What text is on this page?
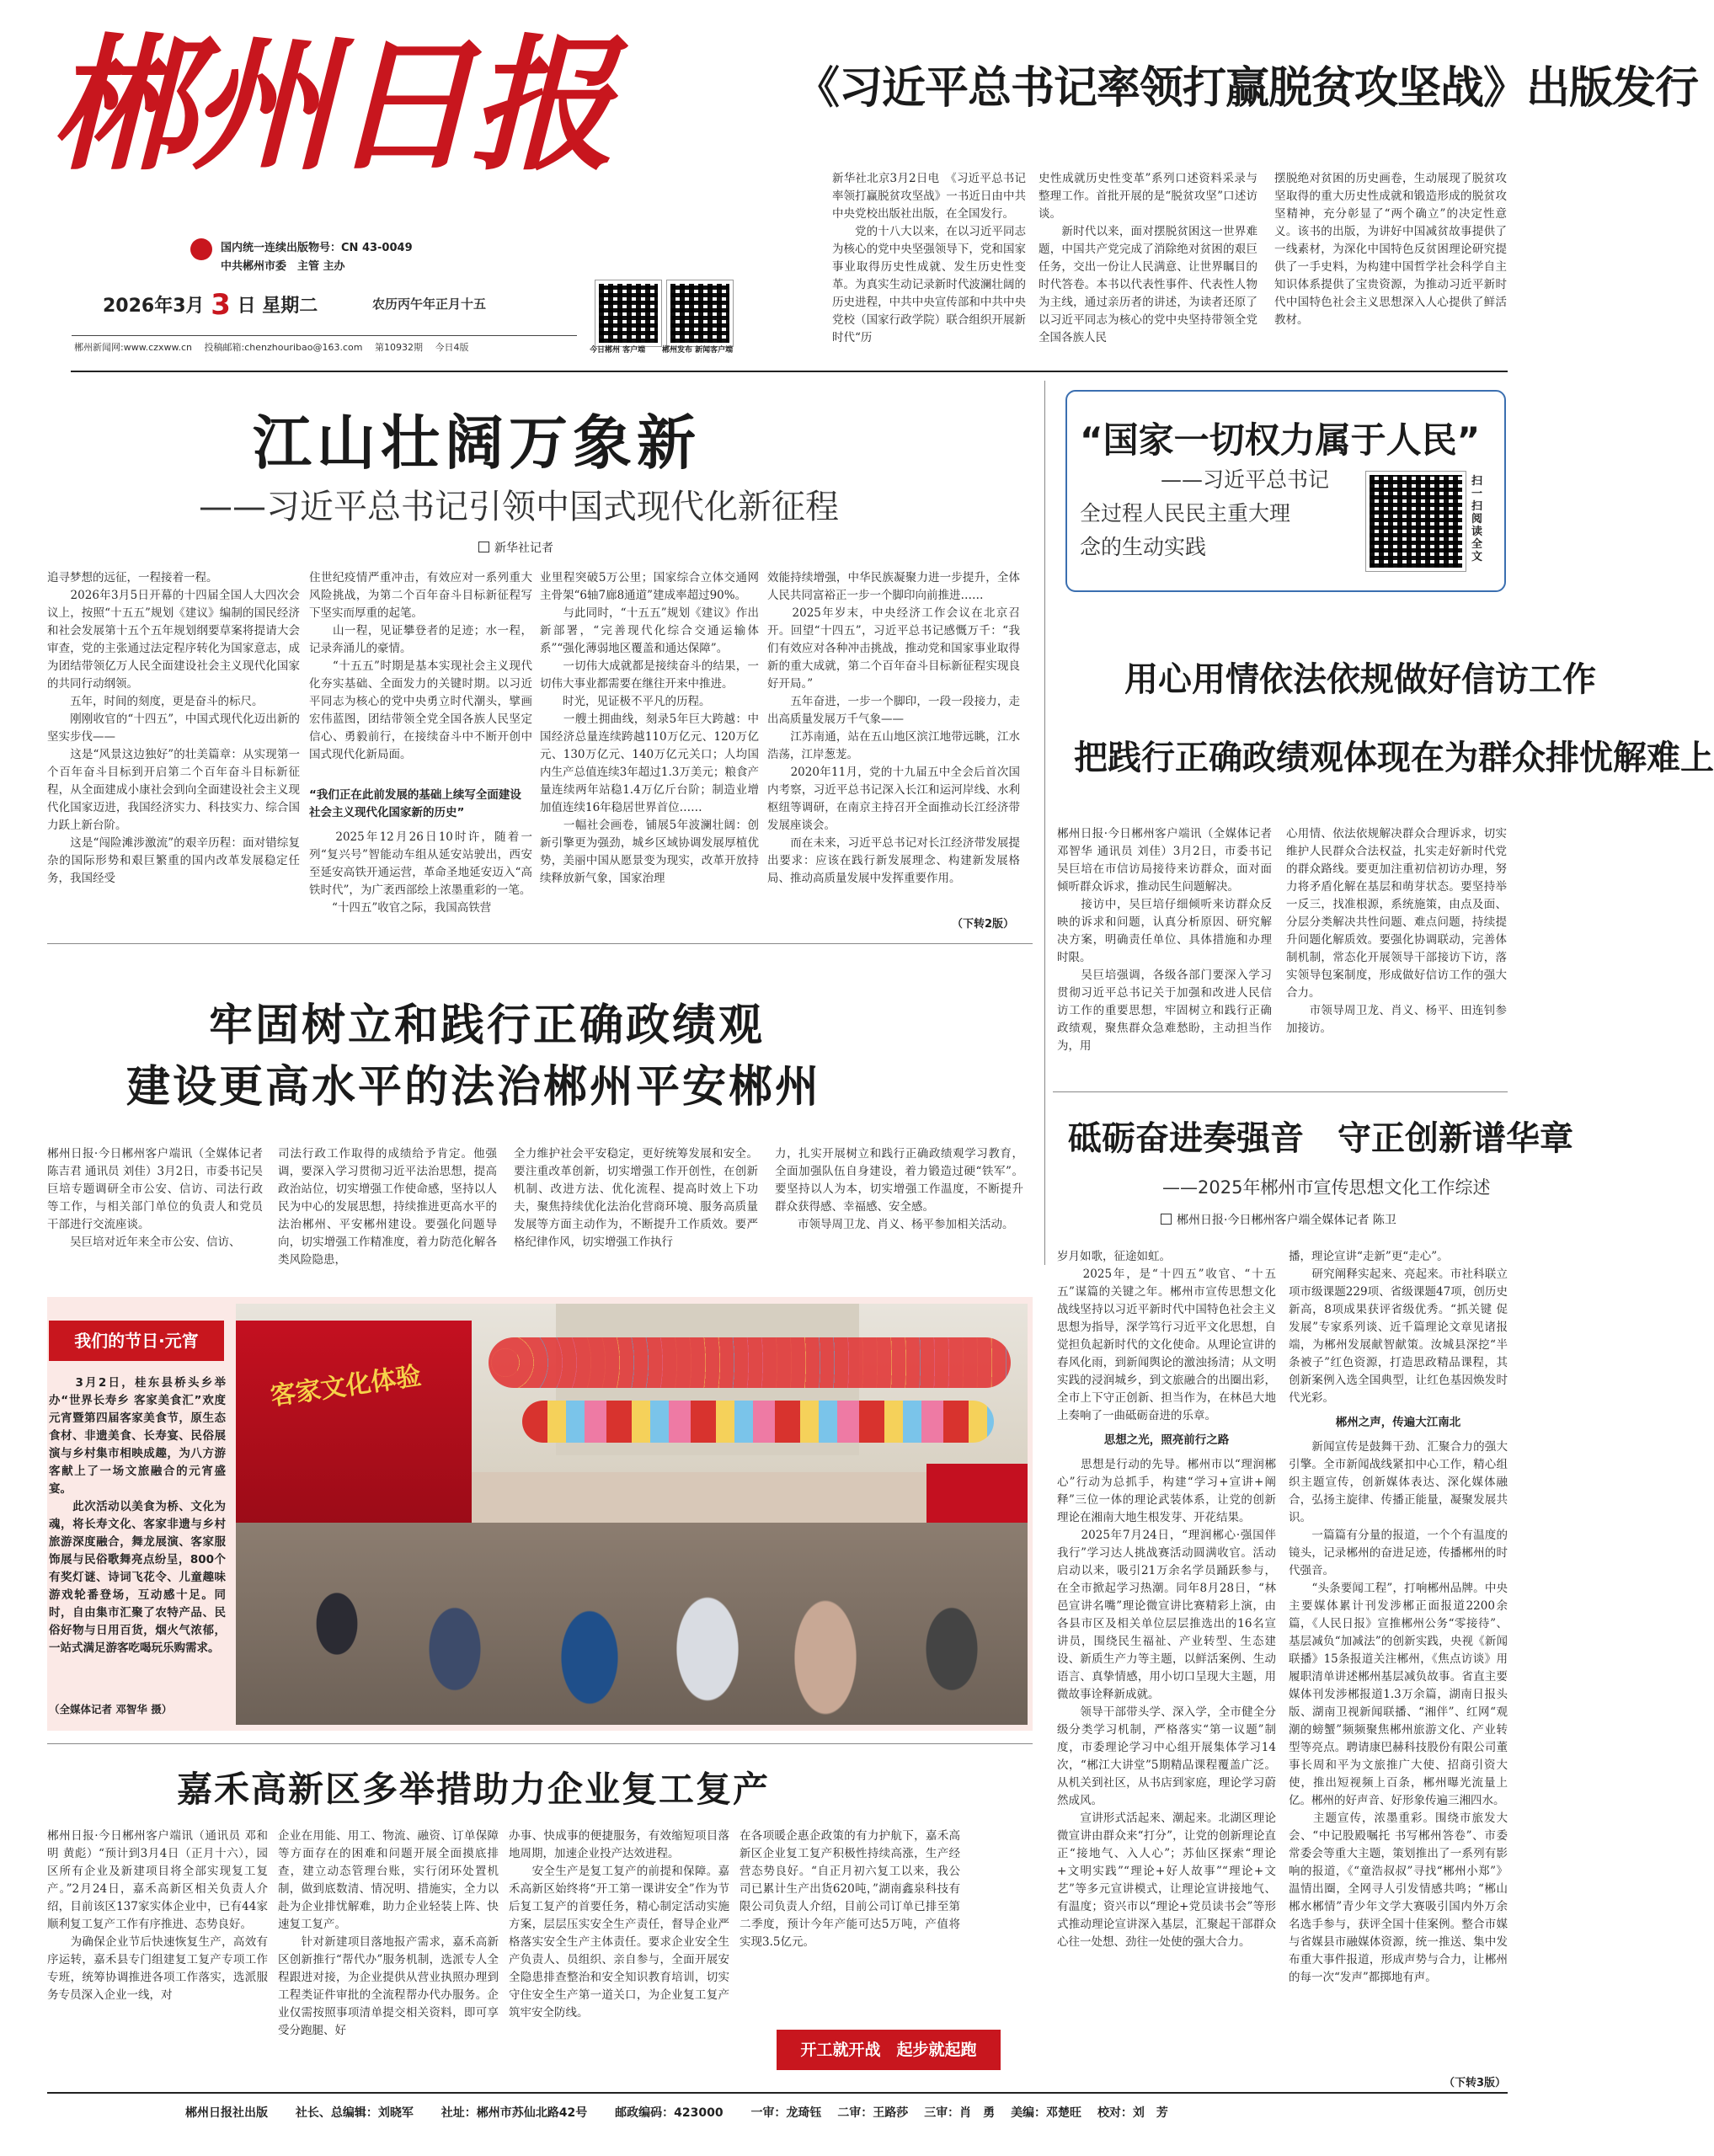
郴州日报
国内统一连续出版物号：CN 43-0049
中共郴州市委　主管 主办
2026年3月 3 日 星期二	农历丙午年正月十五
今日郴州 客户端 郴州发布 新闻客户端
郴州新闻网:www.czxww.cn　 投稿邮箱:chenzhouribao@163.com　 第10932期　 今日4版
《习近平总书记率领打赢脱贫攻坚战》出版发行
新华社北京3月2日电　《习近平总书记率领打赢脱贫攻坚战》一书近日由中共中央党校出版社出版，在全国发行。
　　党的十八大以来，在以习近平同志为核心的党中央坚强领导下，党和国家事业取得历史性成就、发生历史性变革。为真实生动记录新时代波澜壮阔的历史进程，中共中央宣传部和中共中央党校（国家行政学院）联合组织开展新时代“历
史性成就历史性变革”系列口述资料采录与整理工作。首批开展的是“脱贫攻坚”口述访谈。
　　新时代以来，面对摆脱贫困这一世界难题，中国共产党完成了消除绝对贫困的艰巨任务，交出一份让人民满意、让世界瞩目的时代答卷。本书以代表性事件、代表性人物为主线，通过亲历者的讲述，为读者还原了以习近平同志为核心的党中央坚持带领全党全国各族人民
摆脱绝对贫困的历史画卷，生动展现了脱贫攻坚取得的重大历史性成就和锻造形成的脱贫攻坚精神，充分彰显了“两个确立”的决定性意义。该书的出版，为讲好中国减贫故事提供了一线素材，为深化中国特色反贫困理论研究提供了一手史料，为构建中国哲学社会科学自主知识体系提供了宝贵资源，为推动习近平新时代中国特色社会主义思想深入人心提供了鲜活教材。
江山壮阔万象新
——习近平总书记引领中国式现代化新征程
新华社记者
追寻梦想的远征，一程接着一程。
　　2026年3月5日开幕的十四届全国人大四次会议上，按照“十五五”规划《建议》编制的国民经济和社会发展第十五个五年规划纲要草案将提请大会审查，党的主张通过法定程序转化为国家意志，成为团结带领亿万人民全面建设社会主义现代化国家的共同行动纲领。
　　五年，时间的刻度，更是奋斗的标尺。
　　刚刚收官的“十四五”，中国式现代化迈出新的坚实步伐——
　　这是“风景这边独好”的壮美篇章：从实现第一个百年奋斗目标到开启第二个百年奋斗目标新征程，从全面建成小康社会到向全面建设社会主义现代化国家迈进，我国经济实力、科技实力、综合国力跃上新台阶。
　　这是“闯险滩涉激流”的艰辛历程：面对错综复杂的国际形势和艰巨繁重的国内改革发展稳定任务，我国经受
住世纪疫情严重冲击，有效应对一系列重大风险挑战，为第二个百年奋斗目标新征程写下坚实而厚重的起笔。
　　山一程，见证攀登者的足迹；水一程，记录奔涌儿的豪情。
　　“十五五”时期是基本实现社会主义现代化夯实基础、全面发力的关键时期。以习近平同志为核心的党中央勇立时代潮头，擘画宏伟蓝图，团结带领全党全国各族人民坚定信心、勇毅前行，在接续奋斗中不断开创中国式现代化新局面。
“我们正在此前发展的基础上续写全面建设社会主义现代化国家新的历史”
　　2025年12月26日10时许，随着一列“复兴号”智能动车组从延安站驶出，西安至延安高铁开通运营，革命圣地延安迈入“高铁时代”，为广袤西部绘上浓墨重彩的一笔。
　　“十四五”收官之际，我国高铁营
业里程突破5万公里；国家综合立体交通网主骨架“6轴7廊8通道”建成率超过90%。
　　与此同时，“十五五”规划《建议》作出新部署，“完善现代化综合交通运输体系”“强化薄弱地区覆盖和通达保障”。
　　一切伟大成就都是接续奋斗的结果，一切伟大事业都需要在继往开来中推进。
　　时光，见证极不平凡的历程。
　　一艘土拥曲线，刻录5年巨大跨越：中国经济总量连续跨越110万亿元、120万亿元、130万亿元、140万亿元关口；人均国内生产总值连续3年超过1.3万美元；粮食产量连续两年站稳1.4万亿斤台阶；制造业增加值连续16年稳居世界首位……
　　一幅社会画卷，铺展5年波澜壮阔：创新引擎更为强劲，城乡区域协调发展厚植优势，美丽中国从愿景变为现实，改革开放持续释放新气象，国家治理
效能持续增强，中华民族凝聚力进一步提升，全体人民共同富裕正一步一个脚印向前推进……
　　2025年岁末，中央经济工作会议在北京召开。回望“十四五”，习近平总书记感慨万千：“我们有效应对各种冲击挑战，推动党和国家事业取得新的重大成就，第二个百年奋斗目标新征程实现良好开局。”
　　五年奋进，一步一个脚印，一段一段接力，走出高质量发展万千气象——
　　江苏南通，站在五山地区滨江地带远眺，江水浩荡，江岸葱茏。
　　2020年11月，党的十九届五中全会后首次国内考察，习近平总书记深入长江和运河岸线、水利枢纽等调研，在南京主持召开全面推动长江经济带发展座谈会。
　　而在未来，习近平总书记对长江经济带发展提出要求：应该在践行新发展理念、构建新发展格局、推动高质量发展中发挥重要作用。
（下转2版）
“国家一切权力属于人民”
——习近平总书记
全过程人民民主重大理
念的生动实践
扫一扫阅读全文
用心用情依法依规做好信访工作
把践行正确政绩观体现在为群众排忧解难上
郴州日报·今日郴州客户端讯（全媒体记者 邓智华 通讯员 刘佳）3月2日，市委书记吴巨培在市信访局接待来访群众，面对面倾听群众诉求，推动民生问题解决。
　　接访中，吴巨培仔细倾听来访群众反映的诉求和问题，认真分析原因、研究解决方案，明确责任单位、具体措施和办理时限。
　　吴巨培强调，各级各部门要深入学习贯彻习近平总书记关于加强和改进人民信访工作的重要思想，牢固树立和践行正确政绩观，聚焦群众急难愁盼，主动担当作为，用
心用情、依法依规解决群众合理诉求，切实维护人民群众合法权益，扎实走好新时代党的群众路线。要更加注重初信初访办理，努力将矛盾化解在基层和萌芽状态。要坚持举一反三，找准根源，系统施策，由点及面、分层分类解决共性问题、难点问题，持续提升问题化解质效。要强化协调联动，完善体制机制，常态化开展领导干部接访下访，落实领导包案制度，形成做好信访工作的强大合力。
　　市领导周卫龙、肖义、杨平、田连钊参加接访。
牢固树立和践行正确政绩观
建设更高水平的法治郴州平安郴州
郴州日报·今日郴州客户端讯（全媒体记者 陈吉君 通讯员 刘佳）3月2日，市委书记吴巨培专题调研全市公安、信访、司法行政等工作，与相关部门单位的负责人和党员干部进行交流座谈。
　　吴巨培对近年来全市公安、信访、
司法行政工作取得的成绩给予肯定。他强调，要深入学习贯彻习近平法治思想，提高政治站位，切实增强工作使命感，坚持以人民为中心的发展思想，持续推进更高水平的法治郴州、平安郴州建设。要强化问题导向，切实增强工作精准度，着力防范化解各类风险隐患，
全力维护社会平安稳定，更好统筹发展和安全。要注重改革创新，切实增强工作开创性，在创新机制、改进方法、优化流程、提高时效上下功夫，聚焦持续优化法治化营商环境、服务高质量发展等方面主动作为，不断提升工作质效。要严格纪律作风，切实增强工作执行
力，扎实开展树立和践行正确政绩观学习教育，全面加强队伍自身建设，着力锻造过硬“铁军”。要坚持以人为本，切实增强工作温度，不断提升群众获得感、幸福感、安全感。
　　市领导周卫龙、肖义、杨平参加相关活动。
我们的节日·元宵
　　3月2日，桂东县桥头乡举办“世界长寿乡 客家美食汇”欢度元宵暨第四届客家美食节，原生态食材、非遗美食、长寿宴、民俗展演与乡村集市相映成趣，为八方游客献上了一场文旅融合的元宵盛宴。
　　此次活动以美食为桥、文化为魂，将长寿文化、客家非遗与乡村旅游深度融合，舞龙展演、客家服饰展与民俗歌舞亮点纷呈，800个有奖灯谜、诗词飞花令、儿童趣味游戏轮番登场，互动感十足。同时，自由集市汇聚了农特产品、民俗好物与日用百货，烟火气浓郁，一站式满足游客吃喝玩乐购需求。
（全媒体记者 邓智华 摄）
客家文化体验
砥砺奋进奏强音　守正创新谱华章
——2025年郴州市宣传思想文化工作综述
郴州日报·今日郴州客户端全媒体记者 陈卫
岁月如歌，征途如虹。
　　2025年，是“十四五”收官、“十五五”谋篇的关键之年。郴州市宣传思想文化战线坚持以习近平新时代中国特色社会主义思想为指导，深学笃行习近平文化思想，自觉担负起新时代的文化使命。从理论宣讲的春风化雨，到新闻舆论的激浊扬清；从文明实践的浸润城乡，到文旅融合的出圈出彩，全市上下守正创新、担当作为，在林邑大地上奏响了一曲砥砺奋进的乐章。
思想之光，照亮前行之路
　　思想是行动的先导。郴州市以“理润郴心”行动为总抓手，构建“学习+宣讲+阐释”三位一体的理论武装体系，让党的创新理论在湘南大地生根发芽、开花结果。
　　2025年7月24日，“理润郴心·强国伴我行”学习达人挑战赛活动圆满收官。活动启动以来，吸引21万余名学员踊跃参与，在全市掀起学习热潮。同年8月28日，“林邑宣讲名嘴”理论微宣讲比赛精彩上演，由各县市区及相关单位层层推选出的16名宣讲员，围绕民生福祉、产业转型、生态建设、新质生产力等主题，以鲜活案例、生动语言、真挚情感，用小切口呈现大主题，用微故事诠释新成就。
　　领导干部带头学、深入学，全市健全分级分类学习机制，严格落实“第一议题”制度，市委理论学习中心组开展集体学习14次，“郴江大讲堂”5期精品课程覆盖广泛。从机关到社区，从书店到家庭，理论学习蔚然成风。
　　宣讲形式活起来、潮起来。北湖区理论微宣讲由群众来“打分”，让党的创新理论直正“接地气、入人心”；苏仙区探索“理论+文明实践”“理论+好人故事”“理论+文艺”等多元宣讲模式，让理论宣讲接地气、有温度；资兴市以“理论+党员读书会”等形式推动理论宣讲深入基层，汇聚起干部群众心往一处想、劲往一处使的强大合力。
播，理论宣讲“走新”更“走心”。
　　研究阐释实起来、亮起来。市社科联立项市级课题229项、省级课题47项，创历史新高，8项成果获评省级优秀。“抓关键 促发展”专家系列谈、近千篇理论文章见诸报端，为郴州发展献智献策。汝城县深挖“半条被子”红色资源，打造思政精品课程，其创新案例入选全国典型，让红色基因焕发时代光彩。
郴州之声，传遍大江南北
　　新闻宣传是鼓舞干劲、汇聚合力的强大引擎。全市新闻战线紧扣中心工作，精心组织主题宣传，创新媒体表达、深化媒体融合，弘扬主旋律、传播正能量，凝聚发展共识。
　　一篇篇有分量的报道，一个个有温度的镜头，记录郴州的奋进足迹，传播郴州的时代强音。
　　“头条要闻工程”，打响郴州品牌。中央主要媒体累计刊发涉郴正面报道2200余篇，《人民日报》宣推郴州公务“零接待”、基层减负“加减法”的创新实践，央视《新闻联播》15条报道关注郴州，《焦点访谈》用履职清单讲述郴州基层减负故事。省直主要媒体刊发涉郴报道1.3万余篇，湖南日报头版、湖南卫视新闻联播、“湘伴”、红网“观潮的螃蟹”频频聚焦郴州旅游文化、产业转型等亮点。聘请康巴赫科技股份有限公司董事长周和平为文旅推广大使、招商引资大使，推出短视频上百条，郴州曝光流量上亿。郴州的好声音、好形象传遍三湘四水。
　　主题宣传，浓墨重彩。围绕市旅发大会、“中记股殿嘱托 书写郴州答卷”、市委常委会等重大主题，策划推出了一系列有影响的报道，《“童浩叔叔”寻找“郴州小郑”》温情出圈，全网寻人引发情感共鸣；“郴山郴水郴情”青少年文学大赛吸引国内外万余名选手参与，获评全国十佳案例。整合市媒与省媒县市融媒体资源，统一推送、集中发布重大事件报道，形成声势与合力，让郴州的每一次“发声”都掷地有声。
（下转3版）
嘉禾高新区多举措助力企业复工复产
郴州日报·今日郴州客户端讯（通讯员 邓和明 黄彪）“预计到3月4日（正月十六），园区所有企业及新建项目将全部实现复工复产。”2月24日，嘉禾高新区相关负责人介绍，目前该区137家实体企业中，已有44家顺利复工复产工作有序推进、态势良好。
　　为确保企业节后快速恢复生产，高效有序运转，嘉禾县专门组建复工复产专项工作专班，统筹协调推进各项工作落实，选派服务专员深入企业一线，对
企业在用能、用工、物流、融资、订单保障等方面存在的困难和问题开展全面摸底排查，建立动态管理台账，实行闭环处置机制，做到底数清、情况明、措施实，全力以赴为企业排忧解难，助力企业轻装上阵、快速复工复产。
　　针对新建项目落地报产需求，嘉禾高新区创新推行“帮代办”服务机制，选派专人全程跟进对接，为企业提供从营业执照办理到工程类证件审批的全流程帮办代办服务。企业仅需按照事项清单提交相关资料，即可享受分跑腿、好
办事、快成事的便捷服务，有效缩短项目落地周期，加速企业投产达效进程。
　　安全生产是复工复产的前提和保障。嘉禾高新区始终将“开工第一课讲安全”作为节后复工复产的首要任务，精心制定活动实施方案，层层压实安全生产责任，督导企业严格落实安全生产主体责任。要求企业安全生产负责人、员组织、亲自参与，全面开展安全隐患排查整治和安全知识教育培训，切实守住安全生产第一道关口，为企业复工复产筑牢安全防线。
在各项暖企惠企政策的有力护航下，嘉禾高新区企业复工复产积极性持续高涨，生产经营态势良好。“自正月初六复工以来，我公司已累计生产出货620吨，”湖南鑫泉科技有限公司负责人介绍，目前公司订单已排至第二季度，预计今年产能可达5万吨，产值将实现3.5亿元。
开工就开战　起步就起跑
郴州日报社出版　　 社长、总编辑：刘晓军　　 社址：郴州市苏仙北路42号　　 邮政编码：423000　　 一审：龙琦钰　 二审：王路莎　 三审：肖　勇　 美编：邓楚旺　 校对：刘　芳
